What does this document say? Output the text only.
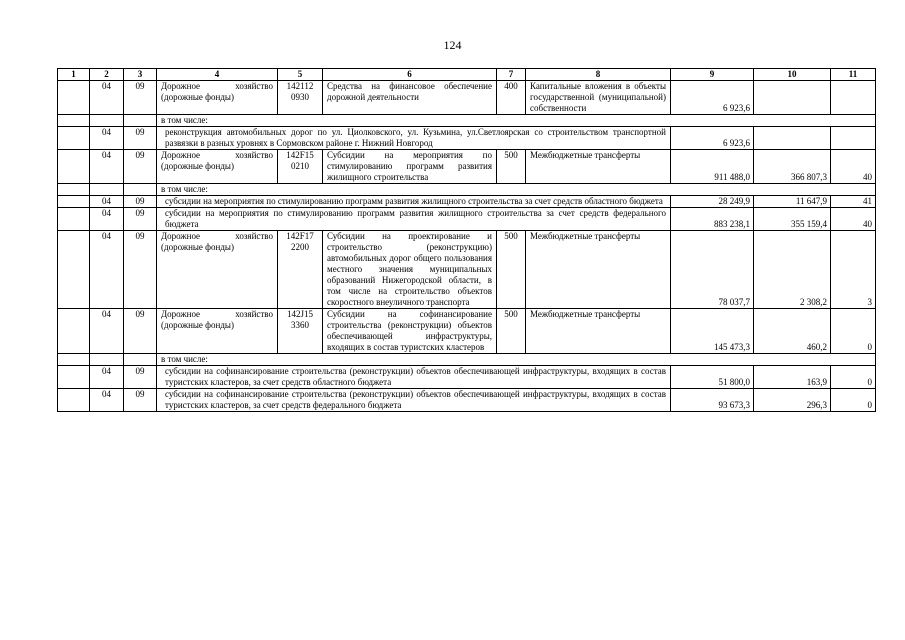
124
1	2	3	4	5	6	7	8	9	10	11
	04	09	Дорожное хозяйство (дорожные фонды)	142112 0930	Средства на финансовое обеспечение дорожной деятельности	400	Капитальные вложения в объекты государственной (муниципальной) собственности	6 923,6		
			в том числе:							
	04	09	реконструкция автомобильных дорог по ул. Циолковского, ул. Кузьмина, ул.Светлоярская со строительством транспортной развязки в разных уровнях в Сормовском районе г. Нижний Новгород					6 923,6		
	04	09	Дорожное хозяйство (дорожные фонды)	142F15 0210	Субсидии на мероприятия по стимулированию программ развития жилищного строительства	500	Межбюджетные трансферты	911 488,0	366 807,3	40
			в том числе:							
	04	09	субсидии на мероприятия по стимулированию программ развития жилищного строительства за счет средств областного бюджета					28 249,9	11 647,9	41
	04	09	субсидии на мероприятия по стимулированию программ развития жилищного строительства за счет средств федерального бюджета					883 238,1	355 159,4	40
	04	09	Дорожное хозяйство (дорожные фонды)	142F17 2200	Субсидии на проектирование и строительство (реконструкцию) автомобильных дорог общего пользования местного значения муниципальных образований Нижегородской области, в том числе на строительство объектов скоростного внеуличного транспорта	500	Межбюджетные трансферты	78 037,7	2 308,2	3
	04	09	Дорожное хозяйство (дорожные фонды)	142J15 3360	Субсидии на софинансирование строительства (реконструкции) объектов обеспечивающей инфраструктуры, входящих в состав туристских кластеров	500	Межбюджетные трансферты	145 473,3	460,2	0
			в том числе:							
	04	09	субсидии на софинансирование строительства (реконструкции) объектов обеспечивающей инфраструктуры, входящих в состав туристских кластеров, за счет средств областного бюджета					51 800,0	163,9	0
	04	09	субсидии на софинансирование строительства (реконструкции) объектов обеспечивающей инфраструктуры, входящих в состав туристских кластеров, за счет средств федерального бюджета					93 673,3	296,3	0
